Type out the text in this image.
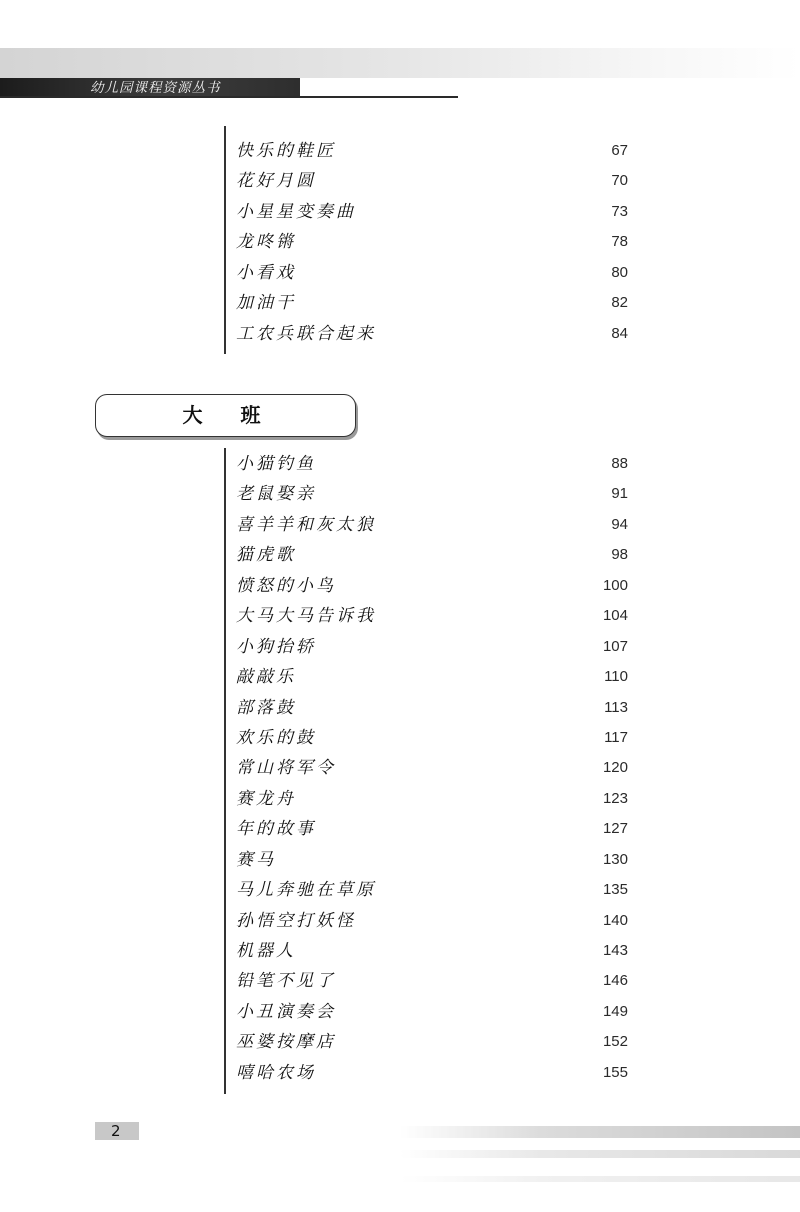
幼儿园课程资源丛书
快乐的鞋匠	67
花好月圆	70
小星星变奏曲	73
龙咚锵	78
小看戏	80
加油干	82
工农兵联合起来	84
大班
小猫钓鱼	88
老鼠娶亲	91
喜羊羊和灰太狼	94
猫虎歌	98
愤怒的小鸟	100
大马大马告诉我	104
小狗抬轿	107
敲敲乐	110
部落鼓	113
欢乐的鼓	117
常山将军令	120
赛龙舟	123
年的故事	127
赛马	130
马儿奔驰在草原	135
孙悟空打妖怪	140
机器人	143
铅笔不见了	146
小丑演奏会	149
巫婆按摩店	152
嘻哈农场	155
2
